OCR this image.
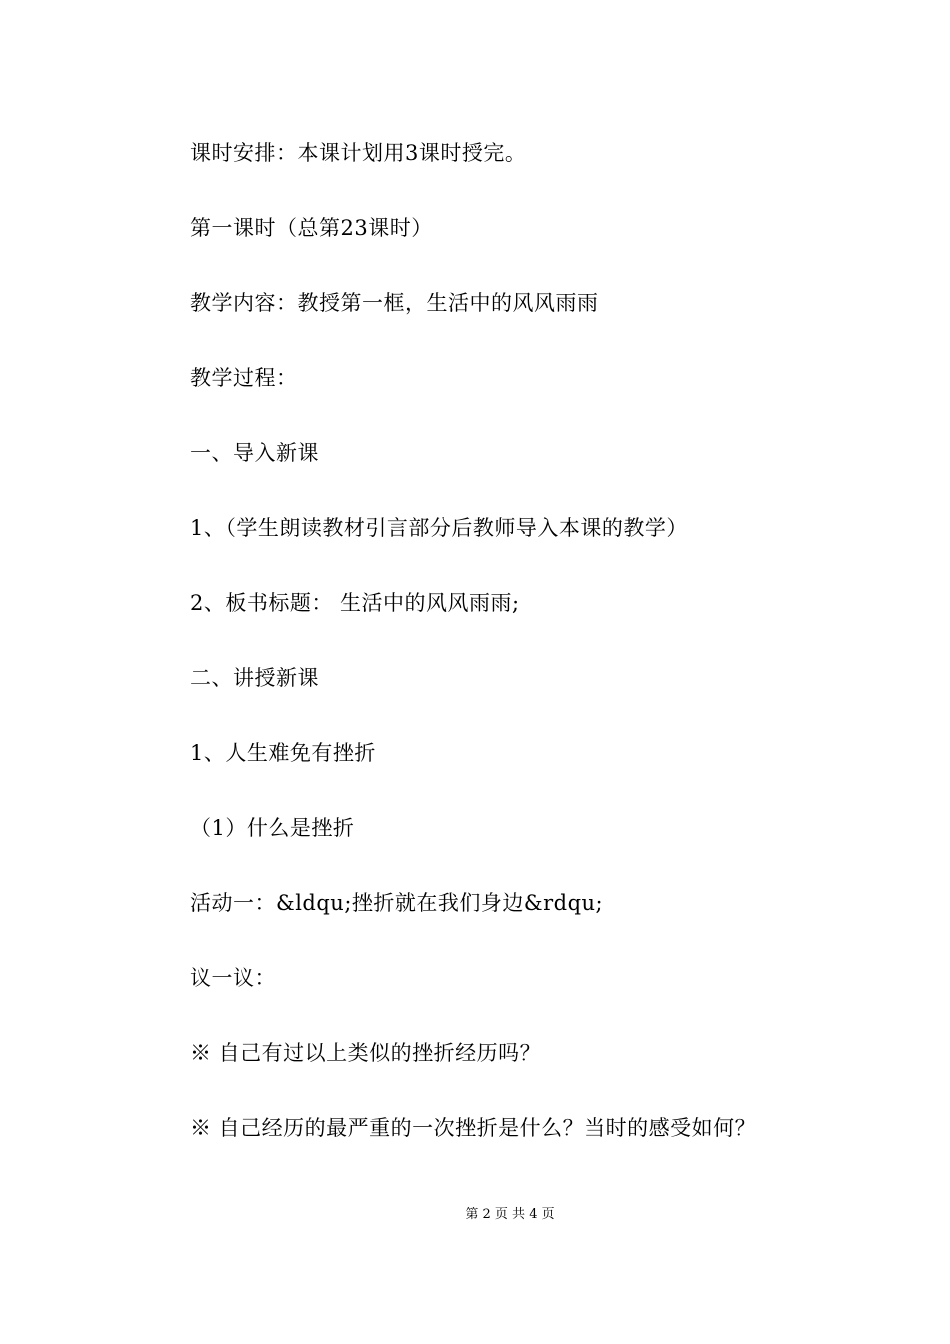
课时安排：本课计划用3课时授完。
第一课时（总第23课时）
教学内容：教授第一框，生活中的风风雨雨
教学过程：
一、导入新课
1、（学生朗读教材引言部分后教师导入本课的教学）
2、板书标题： 生活中的风风雨雨;
二、讲授新课
1、人生难免有挫折
（1）什么是挫折
活动一：&ldqu;挫折就在我们身边&rdqu;
议一议：
※ 自己有过以上类似的挫折经历吗？
※ 自己经历的最严重的一次挫折是什么？当时的感受如何？
第 2 页 共 4 页
